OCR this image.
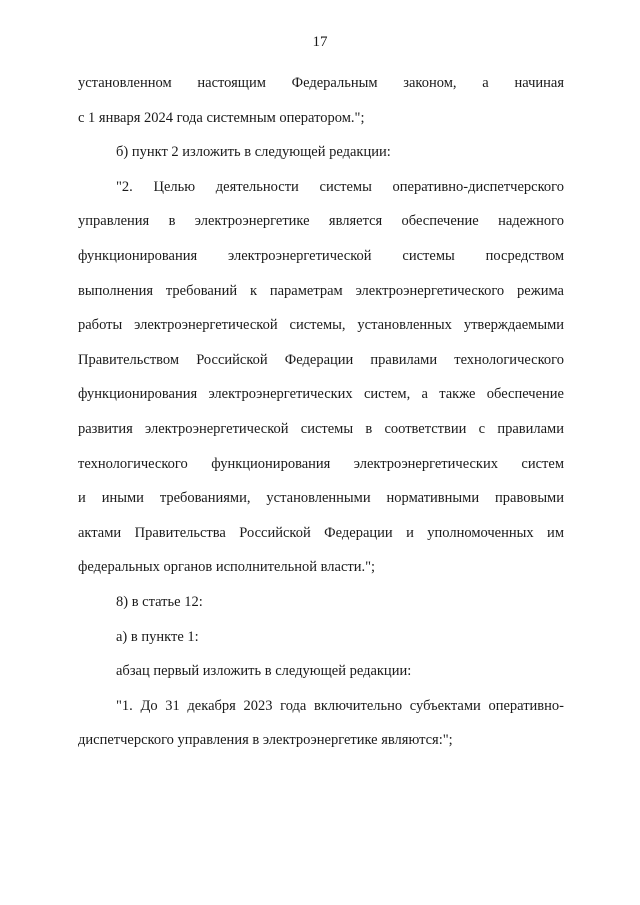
17
установленном настоящим Федеральным законом, а начиная
с 1 января 2024 года системным оператором.";
б) пункт 2 изложить в следующей редакции:
"2. Целью деятельности системы оперативно-диспетчерского
управления в электроэнергетике является обеспечение надежного
функционирования электроэнергетической системы посредством
выполнения требований к параметрам электроэнергетического режима
работы электроэнергетической системы, установленных утверждаемыми
Правительством Российской Федерации правилами технологического
функционирования электроэнергетических систем, а также обеспечение
развития электроэнергетической системы в соответствии с правилами
технологического функционирования электроэнергетических систем
и иными требованиями, установленными нормативными правовыми
актами Правительства Российской Федерации и уполномоченных им
федеральных органов исполнительной власти.";
8) в статье 12:
а) в пункте 1:
абзац первый изложить в следующей редакции:
"1. До 31 декабря 2023 года включительно субъектами оперативно-
диспетчерского управления в электроэнергетике являются:";
